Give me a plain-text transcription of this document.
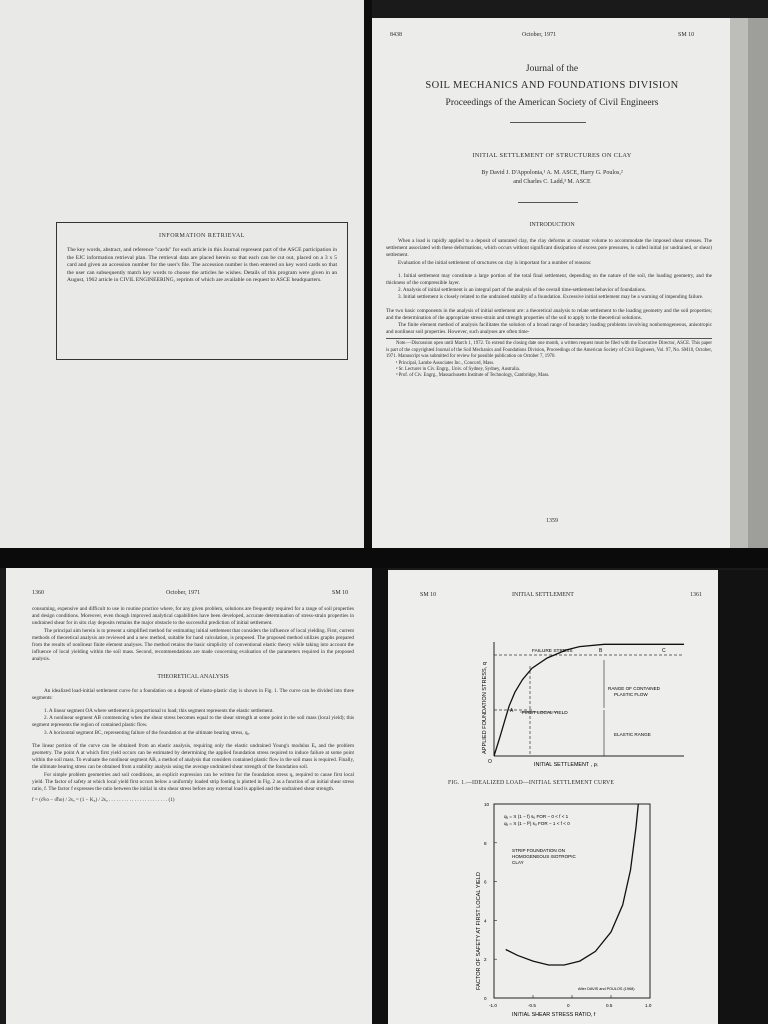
INFORMATION RETRIEVAL

The key words, abstract, and reference "cards" for each article in this Journal represent part of the ASCE participation in the EJC information retrieval plan. The retrieval data are placed herein so that each can be cut out, placed on a 3 x 5 card and given an accession number for the user's file. The accession number is then entered on key word cards so that the user can subsequently match key words to choose the articles he wishes. Details of this program were given in an August, 1962 article in CIVIL ENGINEERING, reprints of which are available on request to ASCE headquarters.

8438	October, 1971	SM 10
Journal of the
SOIL MECHANICS AND FOUNDATIONS DIVISION
Proceedings of the American Society of Civil Engineers
INITIAL SETTLEMENT OF STRUCTURES ON CLAY
By David J. D'Appolonia,¹ A. M. ASCE, Harry G. Poulos,²
and Charles C. Ladd,³ M. ASCE
INTRODUCTION

When a load is rapidly applied to a deposit of saturated clay, the clay deforms at constant volume to accommodate the imposed shear stresses. The settlement associated with these deformations, which occurs without significant dissipation of excess pore pressures, is called initial (or undrained, or shear) settlement.

Evaluation of the initial settlement of structures on clay is important for a number of reasons:

1. Initial settlement may constitute a large portion of the total final settlement, depending on the nature of the soil, the loading geometry, and the thickness of the compressible layer.

2. Analysis of initial settlement is an integral part of the analysis of the overall time-settlement behavior of foundations.

3. Initial settlement is closely related to the undrained stability of a foundation. Excessive initial settlement may be a warning of impending failure.

The two basic components in the analysis of initial settlement are: a theoretical analysis to relate settlement to the loading geometry and the soil properties; and the determination of the appropriate stress-strain and strength properties of the soil to apply to the theoretical solutions.

The finite element method of analysis facilitates the solution of a broad range of boundary loading problems involving nonhomogeneous, anisotropic and nonlinear soil properties. However, such analyses are often time-

Note.—Discussion open until March 1, 1972. To extend the closing date one month, a written request must be filed with the Executive Director, ASCE. This paper is part of the copyrighted Journal of the Soil Mechanics and Foundations Division, Proceedings of the American Society of Civil Engineers, Vol. 97, No. SM10, October, 1971. Manuscript was submitted for review for possible publication on October 7, 1970.

¹ Principal, Lambe Associates Inc., Concord, Mass.

² Sr. Lecturer in Civ. Engrg., Univ. of Sydney, Sydney, Australia.

³ Prof. of Civ. Engrg., Massachusetts Institute of Technology, Cambridge, Mass.

1359
1360	October, 1971	SM 10

consuming, expensive and difficult to use in routine practice where, for any given problem, solutions are frequently required for a range of soil properties and design conditions. Moreover, even though improved analytical capabilities have been developed, accurate determination of stress-strain properties in undrained shear for in situ clay deposits remains the major obstacle to the successful prediction of initial settlement.

The principal aim herein is to present a simplified method for estimating initial settlement that considers the influence of local yielding. First, current methods of theoretical analysis are reviewed and a new method, suitable for hand calculation, is proposed. The proposed method utilizes graphs prepared from the results of nonlinear finite element analyses. The method retains the basic simplicity of conventional elastic theory while taking into account the influence of local yielding within the soil mass. Second, recommendations are made concerning evaluation of the parameters required in the proposed analysis.

THEORETICAL ANALYSIS

An idealized load-initial settlement curve for a foundation on a deposit of elasto-plastic clay is shown in Fig. 1. The curve can be divided into three segments:

1. A linear segment OA where settlement is proportional to load; this segment represents the elastic settlement.

2. A nonlinear segment AB commencing when the shear stress becomes equal to the shear strength at some point in the soil mass (local yield); this segment represents the region of contained plastic flow.

3. A horizontal segment BC, representing failure of the foundation at the ultimate bearing stress, qᵤ.

The linear portion of the curve can be obtained from an elastic analysis, requiring only the elastic undrained Young's modulus Eᵤ and the problem geometry. The point A at which first yield occurs can be estimated by determining the applied foundation stress required to induce failure at some point within the soil mass. To evaluate the nonlinear segment AB, a method of analysis that considers contained plastic flow in the soil mass is required. Finally, the ultimate bearing stress can be obtained from a stability analysis using the average undrained shear strength of the foundation soil.

For simple problem geometries and soil conditions, an explicit expression can be written for the foundation stress qᵧ required to cause first local yield. The factor of safety at which local yield first occurs below a uniformly loaded strip footing is plotted in Fig. 2 as a function of an initial shear stress ratio, f. The factor f expresses the ratio between the initial in situ shear stress before any external load is applied and the undrained shear strength.

f = (σ̅vo − σ̅ho) / 2sᵤ = (1 − K₀) / 2sᵤ . . . . . . . . . . . . . . . . . . . . . . . (1)

SM 10	INITIAL SETTLEMENT	1361
APPLIED FOUNDATION STRESS, q
FAILURE STRESS	B	C
A
O
FIRST LOCAL YIELD
RANGE OF CONTAINED
PLASTIC FLOW
ELASTIC RANGE
INITIAL SETTLEMENT , ρᵢ
FIG. 1.—IDEALIZED LOAD—INITIAL SETTLEMENT CURVE
FACTOR OF SAFETY AT FIRST LOCAL YIELD
0
2
4
6
8
10
-1.0	-0.5	0	0.5	1.0
qᵧ = π (1 − f) sᵤ FOR − 0 < f < 1
qᵧ = π (1 − f²) sᵤ FOR − 1 < f < 0
STRIP FOUNDATION ON
HOMOGENEOUS ISOTROPIC
CLAY
After DAVIS and POULOS (1968)
INITIAL SHEAR STRESS RATIO, f
